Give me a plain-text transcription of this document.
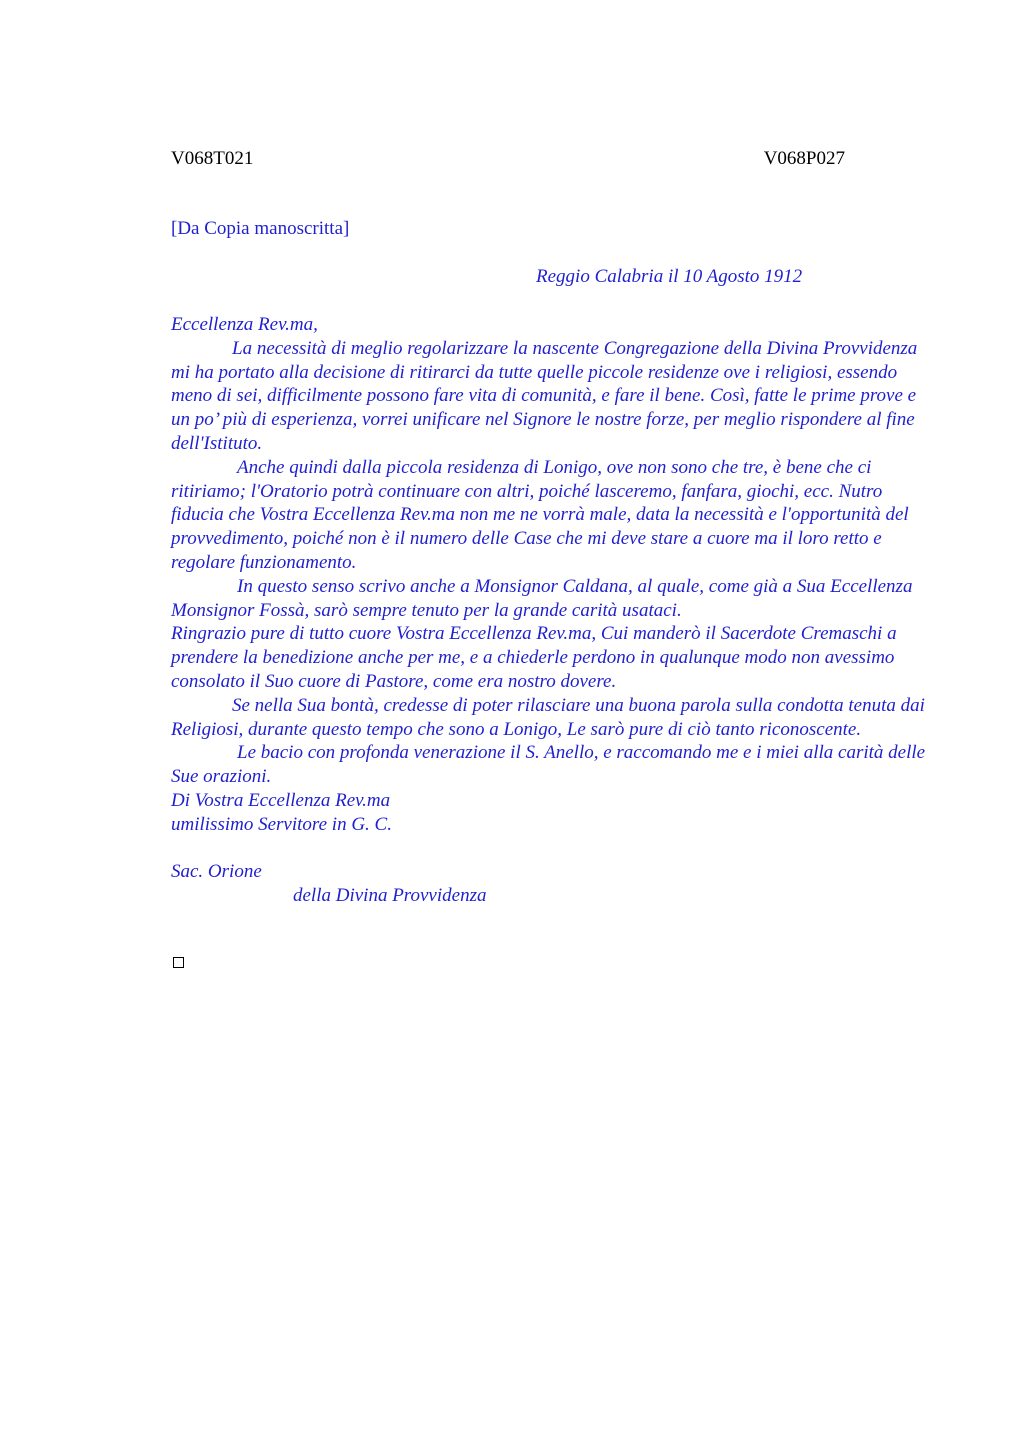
V068T021	V068P027
[Da Copia manoscritta]
Reggio Calabria il 10 Agosto 1912

Eccellenza Rev.ma,

La necessità di meglio regolarizzare la nascente Congregazione della Divina Provvidenza mi ha portato alla decisione di ritirarci da tutte quelle piccole residenze ove i religiosi, essendo meno di sei, difficilmente possono fare vita di comunità, e fare il bene. Così, fatte le prime prove e un po’ più di esperienza, vorrei unificare nel Signore le nostre forze, per meglio rispondere al fine dell'Istituto.

Anche quindi dalla piccola residenza di Lonigo, ove non sono che tre, è bene che ci ritiriamo; l'Oratorio potrà continuare con altri, poiché lasceremo, fanfara, giochi, ecc. Nutro fiducia che Vostra Eccellenza Rev.ma non me ne vorrà male, data la necessità e l'opportunità del provvedimento, poiché non è il numero delle Case che mi deve stare a cuore ma il loro retto e regolare funzionamento.

In questo senso scrivo anche a Monsignor Caldana, al quale, come già a Sua Eccellenza Monsignor Fossà, sarò sempre tenuto per la grande carità usataci.

Ringrazio pure di tutto cuore Vostra Eccellenza Rev.ma, Cui manderò il Sacerdote Cremaschi a prendere la benedizione anche per me, e a chiederle perdono in qualunque modo non avessimo consolato il Suo cuore di Pastore, come era nostro dovere.

Se nella Sua bontà, credesse di poter rilasciare una buona parola sulla condotta tenuta dai Religiosi, durante questo tempo che sono a Lonigo, Le sarò pure di ciò tanto riconoscente.

Le bacio con profonda venerazione il S. Anello, e raccomando me e i miei alla carità delle Sue orazioni.

Di Vostra Eccellenza Rev.ma

umilissimo Servitore in G. C.

Sac. Orione

della Divina Provvidenza
